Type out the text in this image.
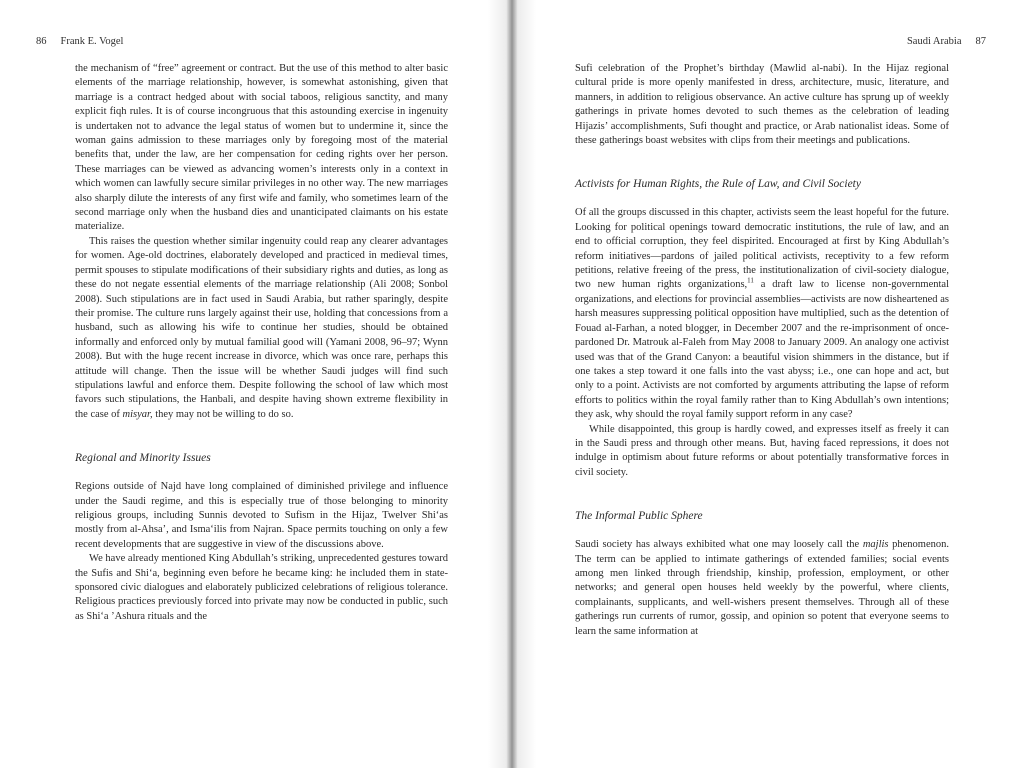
86 Frank E. Vogel

the mechanism of “free” agreement or contract. But the use of this method to alter basic elements of the marriage relationship, however, is somewhat astonishing, given that marriage is a contract hedged about with social taboos, religious sanctity, and many explicit fiqh rules. It is of course incongruous that this astounding exercise in ingenuity is undertaken not to advance the legal status of women but to undermine it, since the woman gains admission to these marriages only by foregoing most of the material benefits that, under the law, are her compensation for ceding rights over her person. These marriages can be viewed as advancing women’s interests only in a context in which women can lawfully secure similar privileges in no other way. The new marriages also sharply dilute the interests of any first wife and family, who sometimes learn of the second marriage only when the husband dies and unanticipated claimants on his estate materialize.

This raises the question whether similar ingenuity could reap any clearer advantages for women. Age-old doctrines, elaborately developed and practiced in medieval times, permit spouses to stipulate modifications of their subsidiary rights and duties, as long as these do not negate essential elements of the marriage relationship (Ali 2008; Sonbol 2008). Such stipulations are in fact used in Saudi Arabia, but rather sparingly, despite their promise. The culture runs largely against their use, holding that concessions from a husband, such as allowing his wife to continue her studies, should be obtained informally and enforced only by mutual familial good will (Yamani 2008, 96–97; Wynn 2008). But with the huge recent increase in divorce, which was once rare, perhaps this attitude will change. Then the issue will be whether Saudi judges will find such stipulations lawful and enforce them. Despite following the school of law which most favors such stipulations, the Hanbali, and despite having shown extreme flexibility in the case of misyar, they may not be willing to do so.

Regional and Minority Issues

Regions outside of Najd have long complained of diminished privilege and influence under the Saudi regime, and this is especially true of those belonging to minority religious groups, including Sunnis devoted to Sufism in the Hijaz, Twelver Shi‘as mostly from al-Ahsa’, and Isma‘ilis from Najran. Space permits touching on only a few recent developments that are suggestive in view of the discussions above.

We have already mentioned King Abdullah’s striking, unprecedented gestures toward the Sufis and Shi‘a, beginning even before he became king: he included them in state-sponsored civic dialogues and elaborately publicized celebrations of religious tolerance. Religious practices previously forced into private may now be conducted in public, such as Shi‘a ’Ashura rituals and the

Saudi Arabia 87

Sufi celebration of the Prophet’s birthday (Mawlid al-nabi). In the Hijaz regional cultural pride is more openly manifested in dress, architecture, music, literature, and manners, in addition to religious observance. An active culture has sprung up of weekly gatherings in private homes devoted to such themes as the celebration of leading Hijazis’ accomplishments, Sufi thought and practice, or Arab nationalist ideas. Some of these gatherings boast websites with clips from their meetings and publications.

Activists for Human Rights, the Rule of Law, and Civil Society

Of all the groups discussed in this chapter, activists seem the least hopeful for the future. Looking for political openings toward democratic institutions, the rule of law, and an end to official corruption, they feel dispirited. Encouraged at first by King Abdullah’s reform initiatives—pardons of jailed political activists, receptivity to a few reform petitions, relative freeing of the press, the institutionalization of civil-society dialogue, two new human rights organizations,$^{11}$ a draft law to license non-governmental organizations, and elections for provincial assemblies—activists are now disheartened as harsh measures suppressing political opposition have multiplied, such as the detention of Fouad al-Farhan, a noted blogger, in December 2007 and the re-imprisonment of once-pardoned Dr. Matrouk al-Faleh from May 2008 to January 2009. An analogy one activist used was that of the Grand Canyon: a beautiful vision shimmers in the distance, but if one takes a step toward it one falls into the vast abyss; i.e., one can hope and act, but only to a point. Activists are not comforted by arguments attributing the lapse of reform efforts to politics within the royal family rather than to King Abdullah’s own intentions; they ask, why should the royal family support reform in any case?

While disappointed, this group is hardly cowed, and expresses itself as freely it can in the Saudi press and through other means. But, having faced repressions, it does not indulge in optimism about future reforms or about potentially transformative forces in civil society.

The Informal Public Sphere

Saudi society has always exhibited what one may loosely call the majlis phenomenon. The term can be applied to intimate gatherings of extended families; social events among men linked through friendship, kinship, profession, employment, or other networks; and general open houses held weekly by the powerful, where clients, complainants, supplicants, and well-wishers present themselves. Through all of these gatherings run currents of rumor, gossip, and opinion so potent that everyone seems to learn the same information at
